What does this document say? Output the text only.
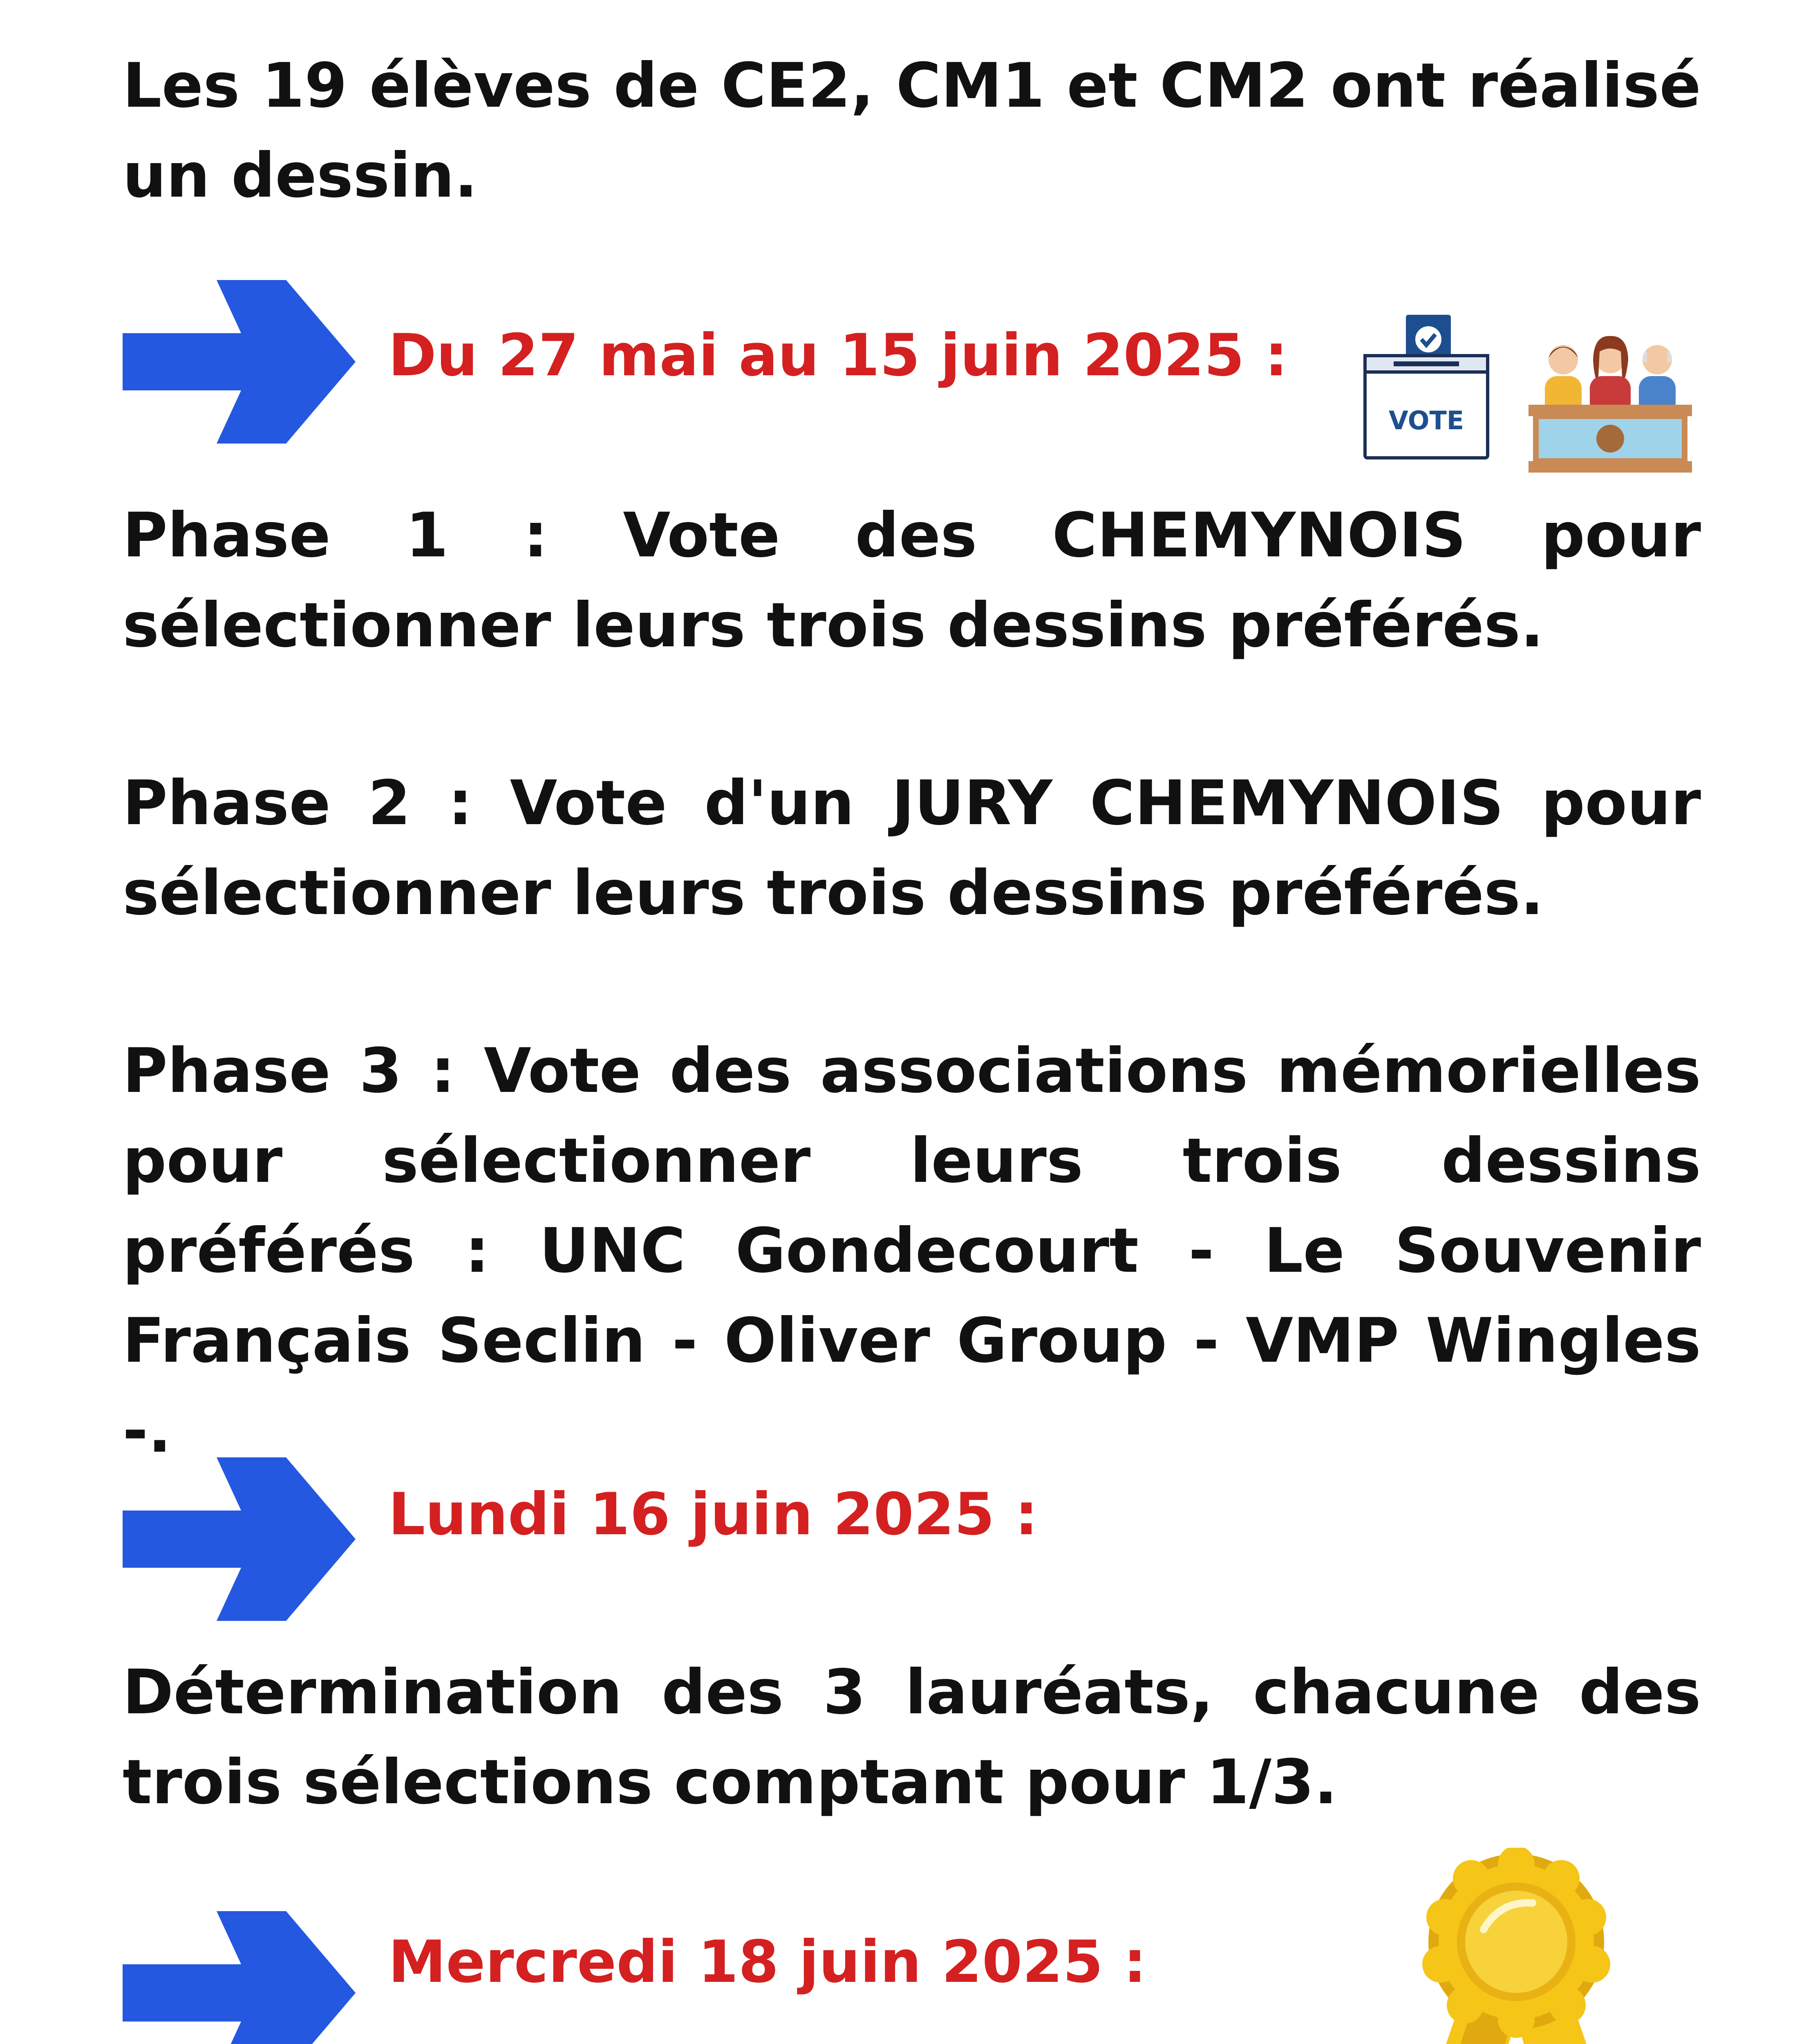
Les 19 élèves de CE2, CM1 et CM2 ont réalisé un dessin.

Du 27 mai au 15 juin 2025 :

VOTE

Phase 1 : Vote des CHEMYNOIS pour sélectionner leurs trois dessins préférés.

Phase 2 : Vote d'un JURY CHEMYNOIS pour sélectionner leurs trois dessins préférés.

Phase 3 : Vote des associations mémorielles pour sélectionner leurs trois dessins préférés : UNC Gondecourt - Le Souvenir Français Seclin - Oliver Group - VMP Wingles -.

Lundi 16 juin 2025 :

Détermination des 3 lauréats, chacune des trois sélections comptant pour 1/3.

Mercredi 18 juin 2025 :
